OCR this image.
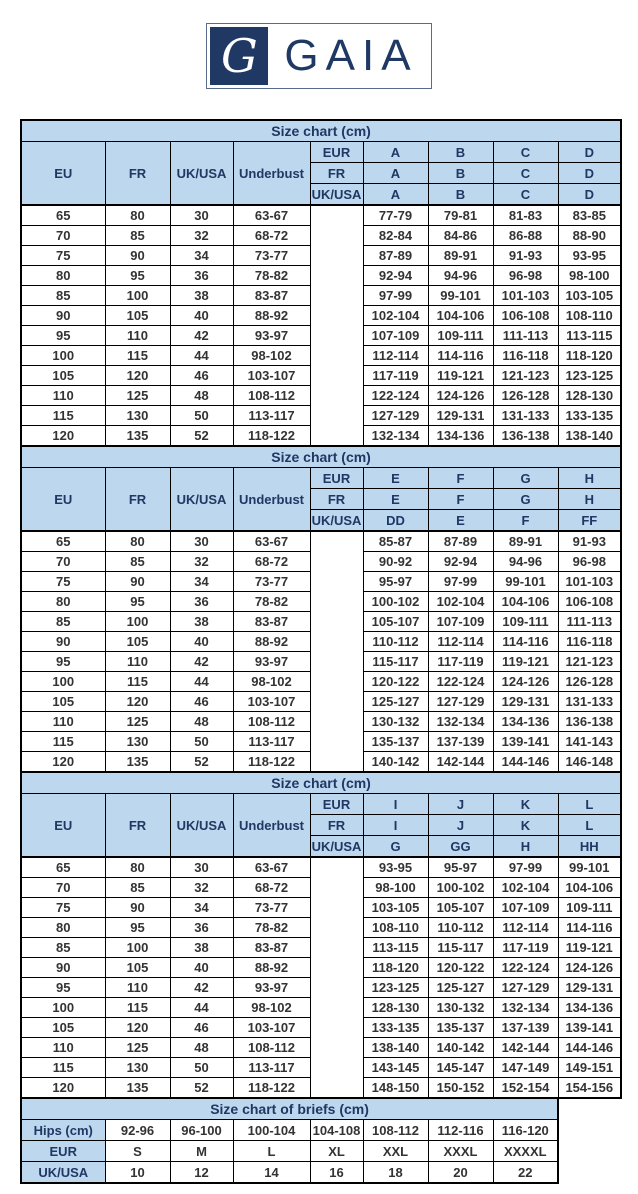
G GAIA
Size chart (cm)								
EU	FR	UK/USA	Underbust	EUR	A	B	C	D
				FR	A	B	C	D
				UK/USA	A	B	C	D
65	80	30	63-67		77-79	79-81	81-83	83-85
70	85	32	68-72		82-84	84-86	86-88	88-90
75	90	34	73-77		87-89	89-91	91-93	93-95
80	95	36	78-82		92-94	94-96	96-98	98-100
85	100	38	83-87		97-99	99-101	101-103	103-105
90	105	40	88-92		102-104	104-106	106-108	108-110
95	110	42	93-97		107-109	109-111	111-113	113-115
100	115	44	98-102		112-114	114-116	116-118	118-120
105	120	46	103-107		117-119	119-121	121-123	123-125
110	125	48	108-112		122-124	124-126	126-128	128-130
115	130	50	113-117		127-129	129-131	131-133	133-135
120	135	52	118-122		132-134	134-136	136-138	138-140
Size chart (cm)								
EU	FR	UK/USA	Underbust	EUR	E	F	G	H
				FR	E	F	G	H
				UK/USA	DD	E	F	FF
65	80	30	63-67		85-87	87-89	89-91	91-93
70	85	32	68-72		90-92	92-94	94-96	96-98
75	90	34	73-77		95-97	97-99	99-101	101-103
80	95	36	78-82		100-102	102-104	104-106	106-108
85	100	38	83-87		105-107	107-109	109-111	111-113
90	105	40	88-92		110-112	112-114	114-116	116-118
95	110	42	93-97		115-117	117-119	119-121	121-123
100	115	44	98-102		120-122	122-124	124-126	126-128
105	120	46	103-107		125-127	127-129	129-131	131-133
110	125	48	108-112		130-132	132-134	134-136	136-138
115	130	50	113-117		135-137	137-139	139-141	141-143
120	135	52	118-122		140-142	142-144	144-146	146-148
Size chart (cm)								
EU	FR	UK/USA	Underbust	EUR	I	J	K	L
				FR	I	J	K	L
				UK/USA	G	GG	H	HH
65	80	30	63-67		93-95	95-97	97-99	99-101
70	85	32	68-72		98-100	100-102	102-104	104-106
75	90	34	73-77		103-105	105-107	107-109	109-111
80	95	36	78-82		108-110	110-112	112-114	114-116
85	100	38	83-87		113-115	115-117	117-119	119-121
90	105	40	88-92		118-120	120-122	122-124	124-126
95	110	42	93-97		123-125	125-127	127-129	129-131
100	115	44	98-102		128-130	130-132	132-134	134-136
105	120	46	103-107		133-135	135-137	137-139	139-141
110	125	48	108-112		138-140	140-142	142-144	144-146
115	130	50	113-117		143-145	145-147	147-149	149-151
120	135	52	118-122		148-150	150-152	152-154	154-156
Size chart of briefs (cm)							
Hips (cm)	92-96	96-100	100-104	104-108	108-112	112-116	116-120
EUR	S	M	L	XL	XXL	XXXL	XXXXL
UK/USA	10	12	14	16	18	20	22
